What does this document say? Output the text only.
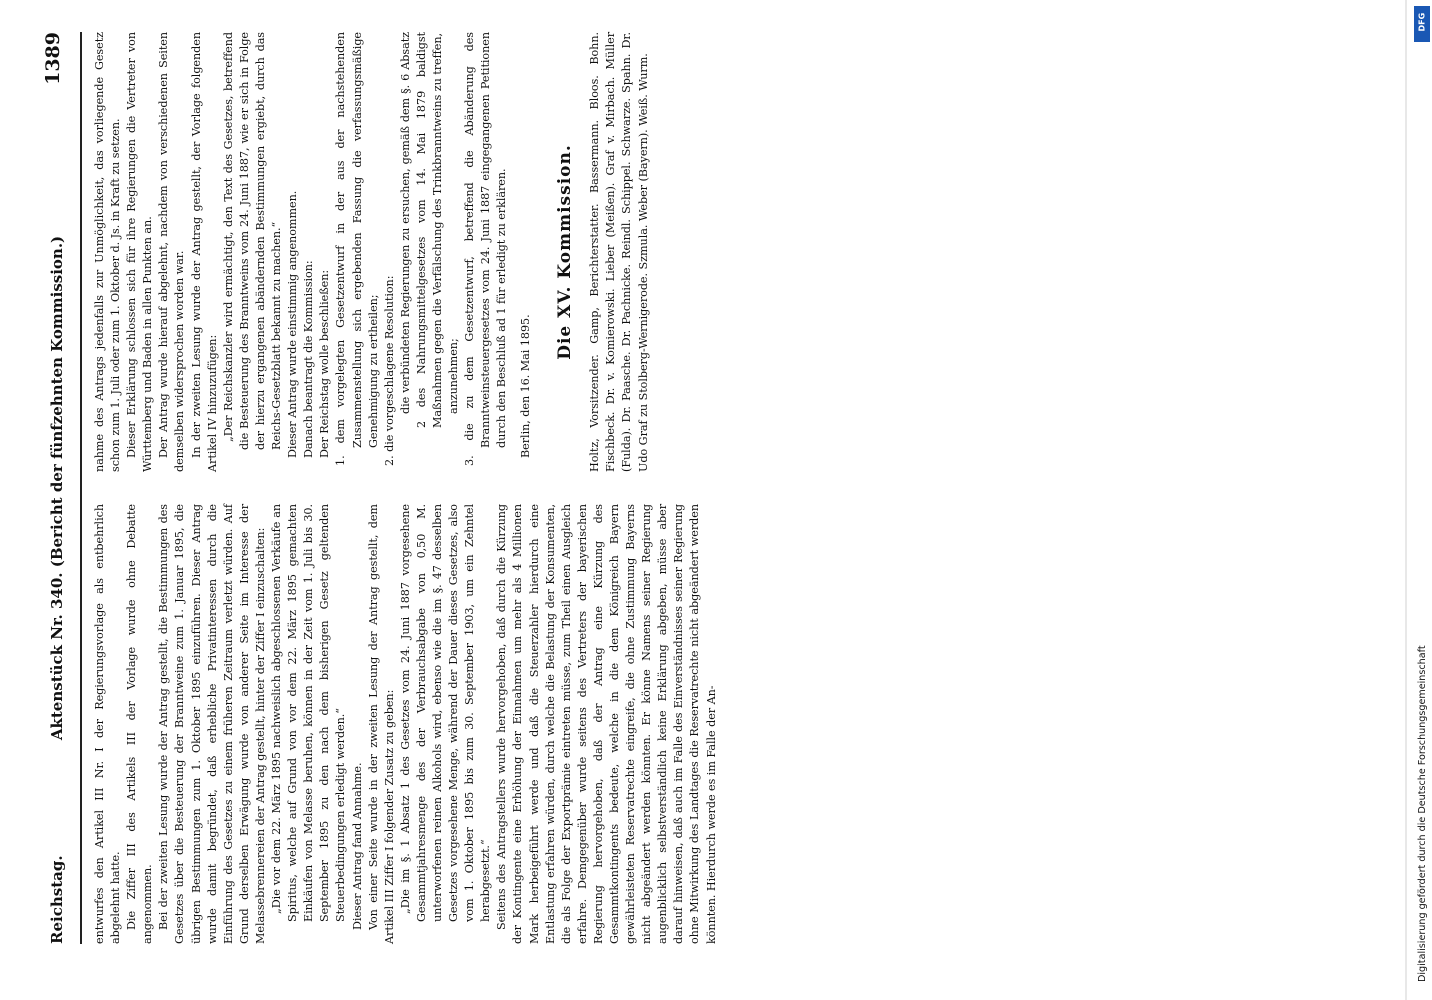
Reichstag.
Aktenstück Nr. 340. (Bericht der fünfzehnten Kommission.)
1389

entwurfes den Artikel III Nr. I der Regierungsvorlage als entbehrlich abgelehnt hatte. Die Ziffer III des Artikels III der Vorlage wurde ohne Debatte angenommen. Bei der zweiten Lesung wurde der Antrag gestellt, die Bestimmungen des Gesetzes über die Besteuerung der Branntweine zum 1. Januar 1895, die übrigen Bestimmungen zum 1. Oktober 1895 einzuführen. Dieser Antrag wurde damit begründet, daß erhebliche Privatinteressen durch die Einführung des Gesetzes zu einem früheren Zeitraum verletzt würden. Auf Grund derselben Erwägung wurde von anderer Seite im Interesse der Melassebrennereien der Antrag gestellt, hinter der Ziffer I einzuschalten: „Die vor dem 22. März 1895 nachweislich abgeschlossenen Verkäufe an Spiritus, welche auf Grund von vor dem 22. März 1895 gemachten Einkäufen von Melasse beruhen, können in der Zeit vom 1. Juli bis 30. September 1895 zu den nach dem bisherigen Gesetz geltenden Steuerbedingungen erledigt werden.“ Dieser Antrag fand Annahme. Von einer Seite wurde in der zweiten Lesung der Antrag gestellt, dem Artikel III Ziffer I folgender Zusatz zu geben: „Die im §. 1 Absatz 1 des Gesetzes vom 24. Juni 1887 vorgesehene Gesammtjahresmenge des der Verbrauchsabgabe von 0,50 M. unterworfenen reinen Alkohols wird, ebenso wie die im §. 47 desselben Gesetzes vorgesehene Menge, während der Dauer dieses Gesetzes, also vom 1. Oktober 1895 bis zum 30. September 1903, um ein Zehntel herabgesetzt.“ Seitens des Antragstellers wurde hervorgehoben, daß durch die Kürzung der Kontingente eine Erhöhung der Einnahmen um mehr als 4 Millionen Mark herbeigeführt werde und daß die Steuerzahler hierdurch eine Entlastung erfahren würden, durch welche die Belastung der Konsumenten, die als Folge der Exportprämie eintreten müsse, zum Theil einen Ausgleich erfahre. Demgegenüber wurde seitens des Vertreters der bayerischen Regierung hervorgehoben, daß der Antrag eine Kürzung des Gesammtkontingents bedeute, welche in die dem Königreich Bayern gewährleisteten Reservatrechte eingreife, die ohne Zustimmung Bayerns nicht abgeändert werden könnten. Er könne Namens seiner Regierung augenblicklich selbstverständlich keine Erklärung abgeben, müsse aber darauf hinweisen, daß auch im Falle des Einverständnisses seiner Regierung ohne Mitwirkung des Landtages die Reservatrechte nicht abgeändert werden könnten. Hierdurch werde es im Falle der An-

nahme des Antrags jedenfalls zur Unmöglichkeit, das vorliegende Gesetz schon zum 1. Juli oder zum 1. Oktober d. Js. in Kraft zu setzen. Dieser Erklärung schlossen sich für ihre Regierungen die Vertreter von Württemberg und Baden in allen Punkten an. Der Antrag wurde hierauf abgelehnt, nachdem von verschiedenen Seiten demselben widersprochen worden war. In der zweiten Lesung wurde der Antrag gestellt, der Vorlage folgenden Artikel IV hinzuzufügen: „Der Reichskanzler wird ermächtigt, den Text des Gesetzes, betreffend die Besteuerung des Branntweins vom 24. Juni 1887, wie er sich in Folge der hierzu ergangenen abändernden Bestimmungen ergiebt, durch das Reichs-Gesetzblatt bekannt zu machen.“ Dieser Antrag wurde einstimmig angenommen. Danach beantragt die Kommission: Der Reichstag wolle beschließen:

1. dem vorgelegten Gesetzentwurf in der aus der nachstehenden Zusammenstellung sich ergebenden Fassung die verfassungsmäßige Genehmigung zu ertheilen;

2. die vorgeschlagene Resolution: die verbündeten Regierungen zu ersuchen, gemäß dem §. 6 Absatz 2 des Nahrungsmittelgesetzes vom 14. Mai 1879 baldigst Maßnahmen gegen die Verfälschung des Trinkbranntweins zu treffen, anzunehmen;

3. die zu dem Gesetzentwurf, betreffend die Abänderung des Branntweinsteuergesetzes vom 24. Juni 1887 eingegangenen Petitionen durch den Beschluß ad 1 für erledigt zu erklären. Berlin, den 16. Mai 1895.

Die XV. Kommission. Holtz, Vorsitzender. Gamp, Berichterstatter. Bassermann. Bloos. Bohn. Fischbeck. Dr. v. Komierowski. Lieber (Meißen). Graf v. Mirbach. Müller (Fulda). Dr. Paasche. Dr. Pachnicke. Reindl. Schippel. Schwarze. Spahn. Dr. Udo Graf zu Stolberg-Wernigerode. Szmula. Weber (Bayern). Weiß. Wurm.

DFG
Digitalisierung gefördert durch die Deutsche Forschungsgemeinschaft
